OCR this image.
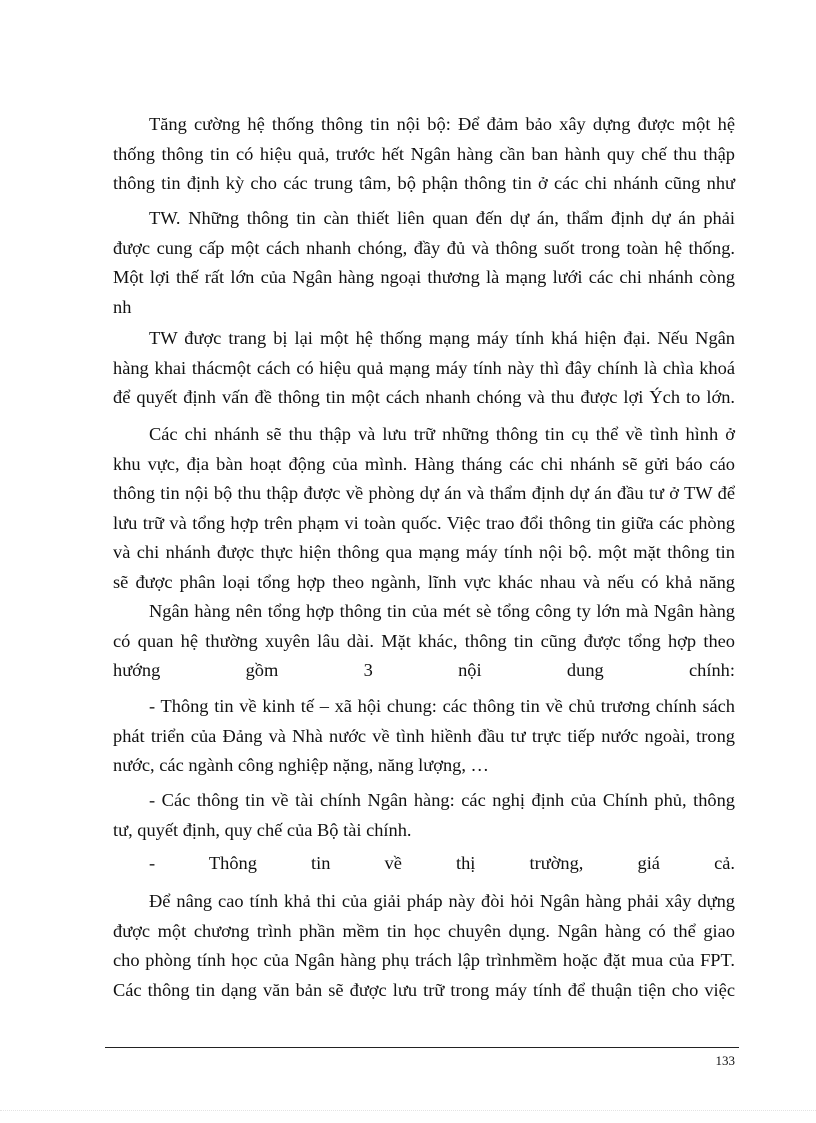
Tăng cường hệ thống thông tin nội bộ: Để đảm bảo xây dựng được một hệ
thống thông tin có hiệu quả, trước hết Ngân hàng cần ban hành quy chế thu thập
thông tin định kỳ cho các trung tâm, bộ phận thông tin ở các chi nhánh cũng như
TW. Những thông tin càn thiết liên quan đến dự án, thẩm định dự án phải
được cung cấp một cách nhanh chóng, đầy đủ và thông suốt trong toàn hệ thống.
Một lợi thế rất lớn của Ngân hàng ngoại thương là mạng lưới các chi nhánh còng
nh
TW được trang bị lại một hệ thống mạng máy tính khá hiện đại. Nếu Ngân
hàng khai thácmột cách có hiệu quả mạng máy tính này thì đây chính là chìa khoá
để quyết định vấn đề thông tin một cách nhanh chóng và thu được lợi Ých to lớn.
Các chi nhánh sẽ thu thập và lưu trữ những thông tin cụ thể về tình hình ở
khu vực, địa bàn hoạt động của mình. Hàng tháng các chi nhánh sẽ gửi báo cáo
thông tin nội bộ thu thập được về phòng dự án và thẩm định dự án đầu tư ở TW để
lưu trữ và tổng hợp trên phạm vi toàn quốc. Việc trao đổi thông tin giữa các phòng
và chi nhánh được thực hiện thông qua mạng máy tính nội bộ. một mặt thông tin
sẽ được phân loại tổng hợp theo ngành, lĩnh vực khác nhau và nếu có khả năng
Ngân hàng nên tổng hợp thông tin của mét sè tổng công ty lớn mà Ngân hàng
có quan hệ thường xuyên lâu dài. Mặt khác, thông tin cũng được tổng hợp theo
hướng gồm 3 nội dung chính:
- Thông tin về kinh tế – xã hội chung: các thông tin về chủ trương chính sách
phát triển của Đảng và Nhà nước về tình hiềnh đầu tư trực tiếp nước ngoài, trong
nước, các ngành công nghiệp nặng, năng lượng, …
- Các thông tin về tài chính Ngân hàng: các nghị định của Chính phủ, thông
tư, quyết định, quy chế của Bộ tài chính.
- Thông tin về thị trường, giá cả.
Để nâng cao tính khả thi của giải pháp này đòi hỏi Ngân hàng phải xây dựng
được một chương trình phần mềm tin học chuyên dụng. Ngân hàng có thể giao
cho phòng tính học của Ngân hàng phụ trách lập trìnhmềm hoặc đặt mua của FPT.
Các thông tin dạng văn bản sẽ được lưu trữ trong máy tính để thuận tiện cho việc
133
